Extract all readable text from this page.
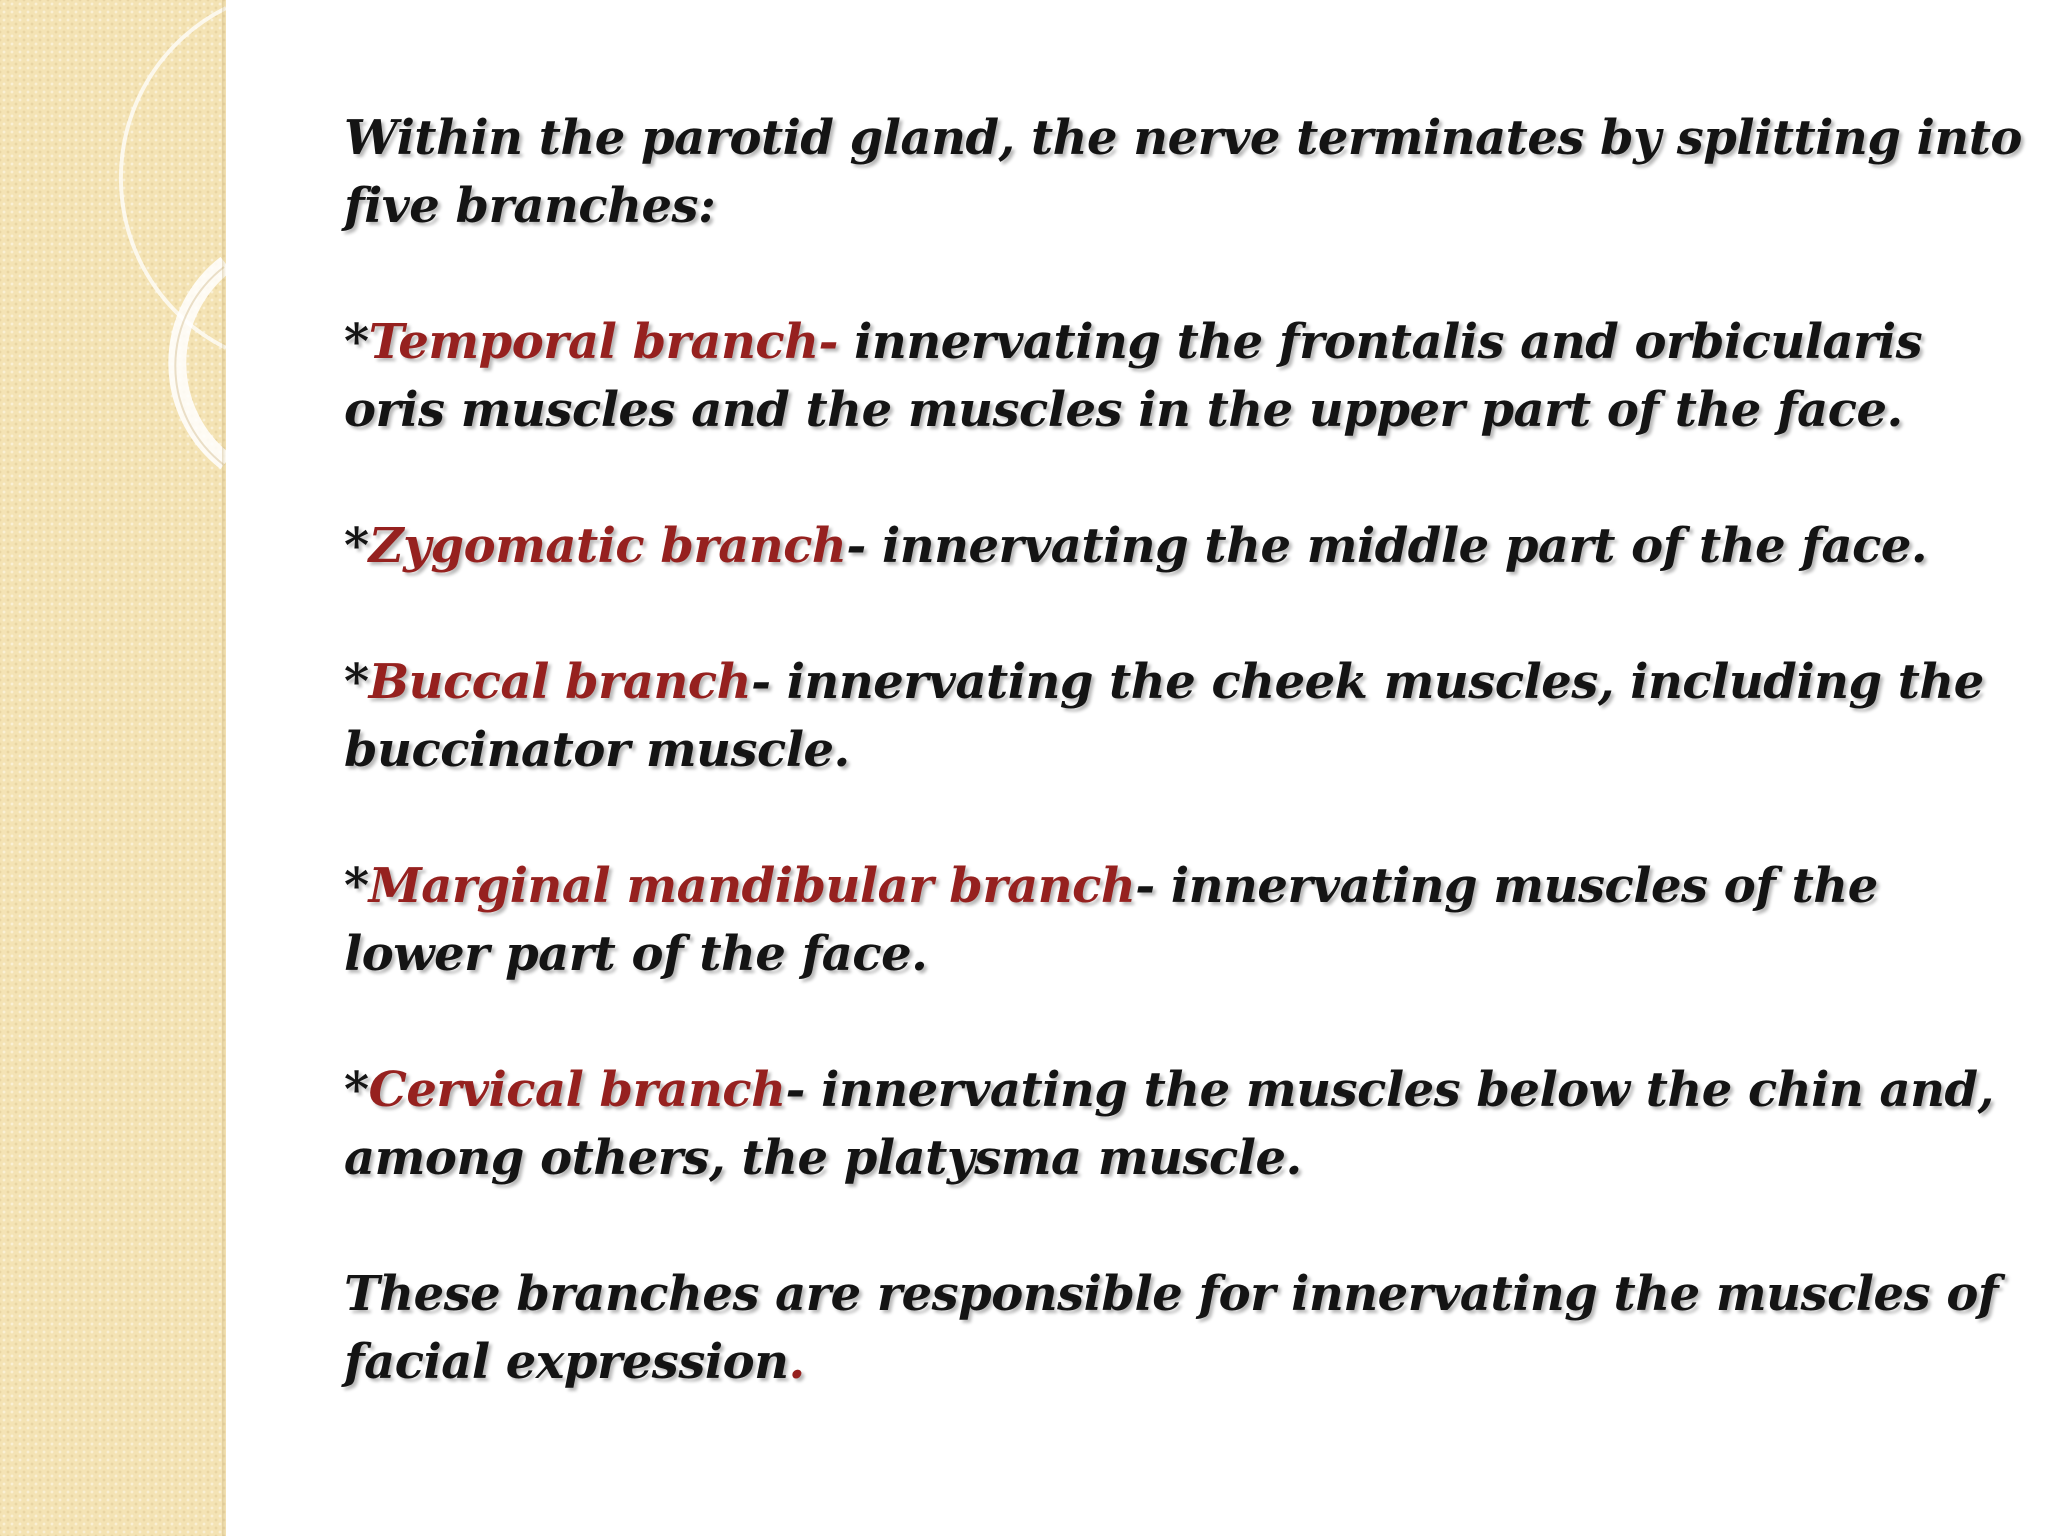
Within the parotid gland, the nerve terminates by splitting into five branches:

*Temporal branch- innervating the frontalis and orbicularis oris muscles and the muscles in the upper part of the face.

*Zygomatic branch- innervating the middle part of the face.

*Buccal branch- innervating the cheek muscles, including the buccinator muscle.

*Marginal mandibular branch- innervating muscles of the lower part of the face.

*Cervical branch- innervating the muscles below the chin and, among others, the platysma muscle.

These branches are responsible for innervating the muscles of facial expression.
